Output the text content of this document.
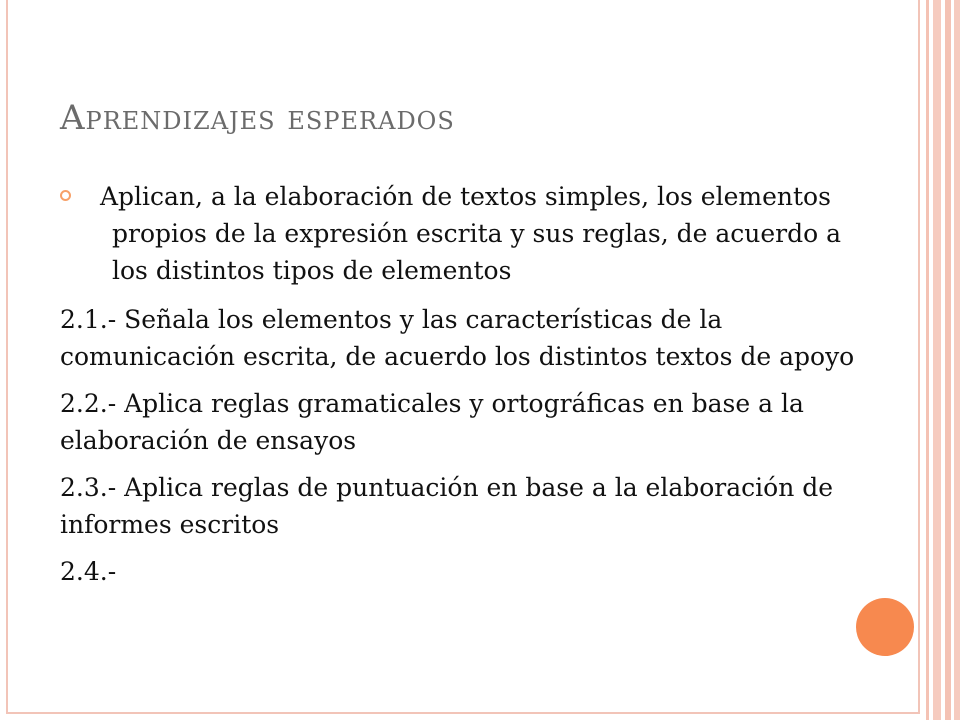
Aprendizajes esperados
Aplican, a la elaboración de textos simples, los elementos propios de la expresión escrita y sus reglas, de acuerdo a los distintos tipos de elementos

2.1.- Señala los elementos y las características de la comunicación escrita, de acuerdo los distintos textos de apoyo

2.2.- Aplica reglas gramaticales y ortográficas en base a la elaboración de ensayos

2.3.- Aplica reglas de puntuación en base a la elaboración de informes escritos

2.4.-
